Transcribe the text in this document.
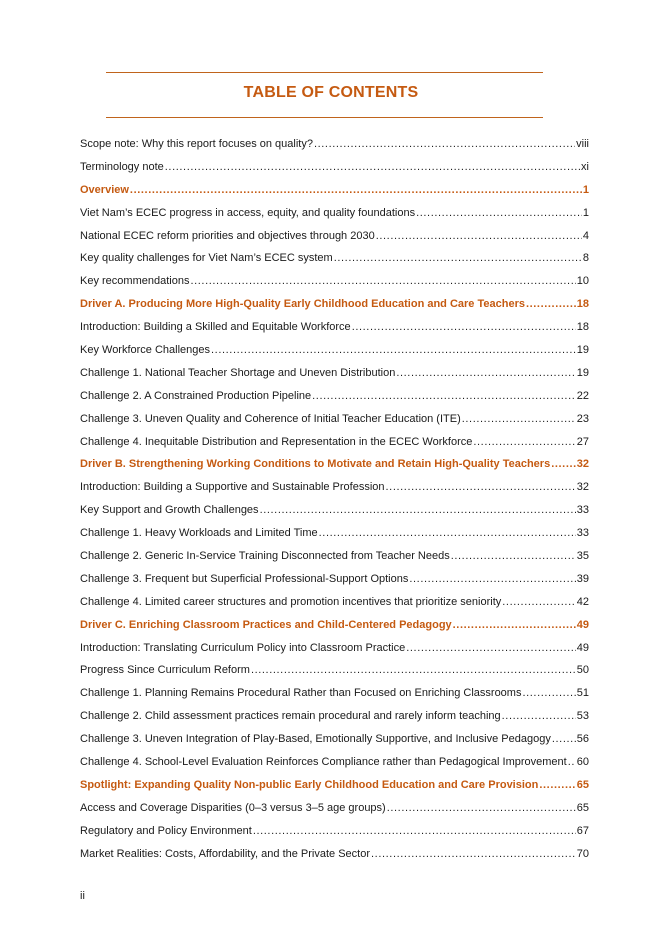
TABLE OF CONTENTS
Scope note: Why this report focuses on quality? .....	viii
Terminology note .....	xi
Overview .....	1
Viet Nam’s ECEC progress in access, equity, and quality foundations .....	1
National ECEC reform priorities and objectives through 2030 .....	4
Key quality challenges for Viet Nam’s ECEC system .....	8
Key recommendations .....	10
Driver A. Producing More High-Quality Early Childhood Education and Care Teachers .....	18
Introduction: Building a Skilled and Equitable Workforce .....	18
Key Workforce Challenges .....	19
Challenge 1. National Teacher Shortage and Uneven Distribution .....	19
Challenge 2. A Constrained Production Pipeline .....	22
Challenge 3. Uneven Quality and Coherence of Initial Teacher Education (ITE) .....	23
Challenge 4. Inequitable Distribution and Representation in the ECEC Workforce .....	27
Driver B. Strengthening Working Conditions to Motivate and Retain High-Quality Teachers ..... 32
Introduction: Building a Supportive and Sustainable Profession .....	32
Key Support and Growth Challenges .....	33
Challenge 1. Heavy Workloads and Limited Time .....	33
Challenge 2. Generic In-Service Training Disconnected from Teacher Needs .....	35
Challenge 3. Frequent but Superficial Professional-Support Options .....	39
Challenge 4. Limited career structures and promotion incentives that prioritize seniority .....	42
Driver C. Enriching Classroom Practices and Child-Centered Pedagogy .....	49
Introduction: Translating Curriculum Policy into Classroom Practice .....	49
Progress Since Curriculum Reform .....	50
Challenge 1. Planning Remains Procedural Rather than Focused on Enriching Classrooms .....	51
Challenge 2. Child assessment practices remain procedural and rarely inform teaching .....	53
Challenge 3. Uneven Integration of Play-Based, Emotionally Supportive, and Inclusive Pedagogy ..... 56
Challenge 4. School-Level Evaluation Reinforces Compliance rather than Pedagogical Improvement ..... 60
Spotlight: Expanding Quality Non-public Early Childhood Education and Care Provision .....	65
Access and Coverage Disparities (0–3 versus 3–5 age groups) .....	65
Regulatory and Policy Environment .....	67
Market Realities: Costs, Affordability, and the Private Sector .....	70
ii
